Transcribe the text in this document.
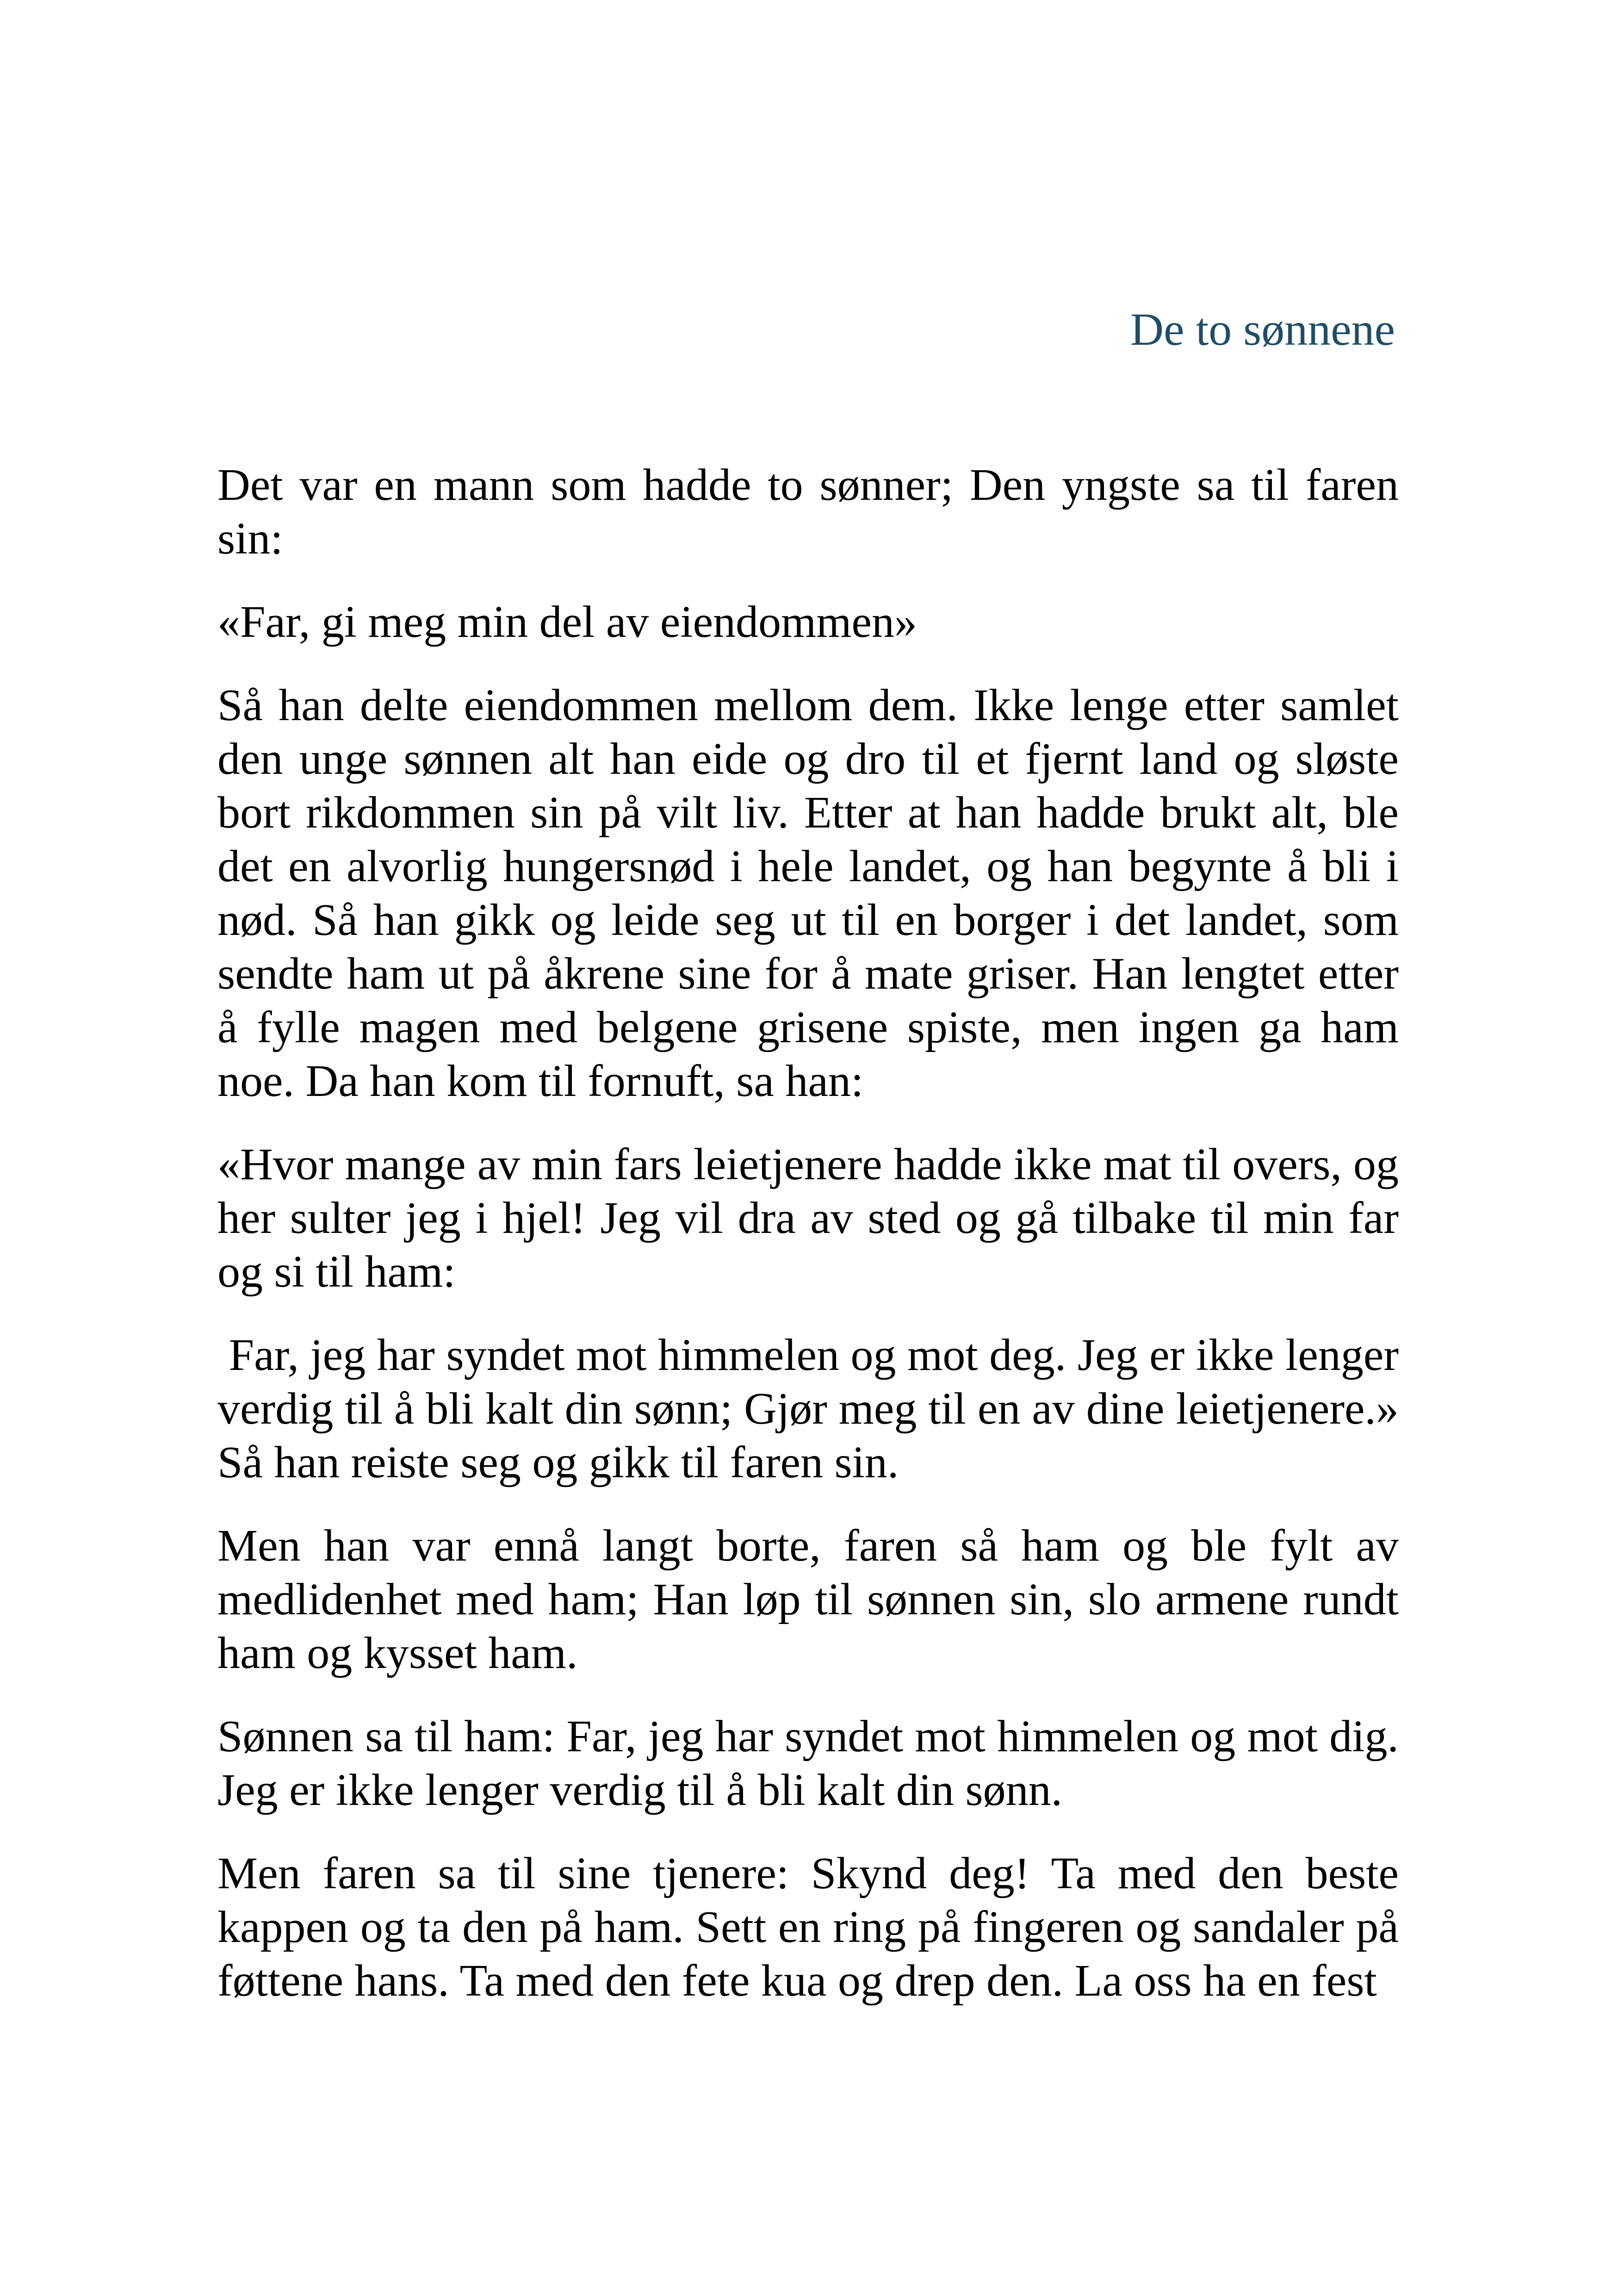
De to sønnene

Det var en mann som hadde to sønner; Den yngste sa til faren sin:

«Far, gi meg min del av eiendommen»

Så han delte eiendommen mellom dem. Ikke lenge etter samlet den unge sønnen alt han eide og dro til et fjernt land og sløste bort rikdommen sin på vilt liv. Etter at han hadde brukt alt, ble det en alvorlig hungersnød i hele landet, og han begynte å bli i nød. Så han gikk og leide seg ut til en borger i det landet, som sendte ham ut på åkrene sine for å mate griser. Han lengtet etter å fylle magen med belgene grisene spiste, men ingen ga ham noe. Da han kom til fornuft, sa han:

«Hvor mange av min fars leietjenere hadde ikke mat til overs, og her sulter jeg i hjel! Jeg vil dra av sted og gå tilbake til min far og si til ham:

Far, jeg har syndet mot himmelen og mot deg. Jeg er ikke lenger verdig til å bli kalt din sønn; Gjør meg til en av dine leietjenere.» Så han reiste seg og gikk til faren sin.

Men han var ennå langt borte, faren så ham og ble fylt av medlidenhet med ham; Han løp til sønnen sin, slo armene rundt ham og kysset ham.

Sønnen sa til ham: Far, jeg har syndet mot himmelen og mot dig. Jeg er ikke lenger verdig til å bli kalt din sønn.

Men faren sa til sine tjenere: Skynd deg! Ta med den beste kappen og ta den på ham. Sett en ring på fingeren og sandaler på føttene hans. Ta med den fete kua og drep den. La oss ha en fest
